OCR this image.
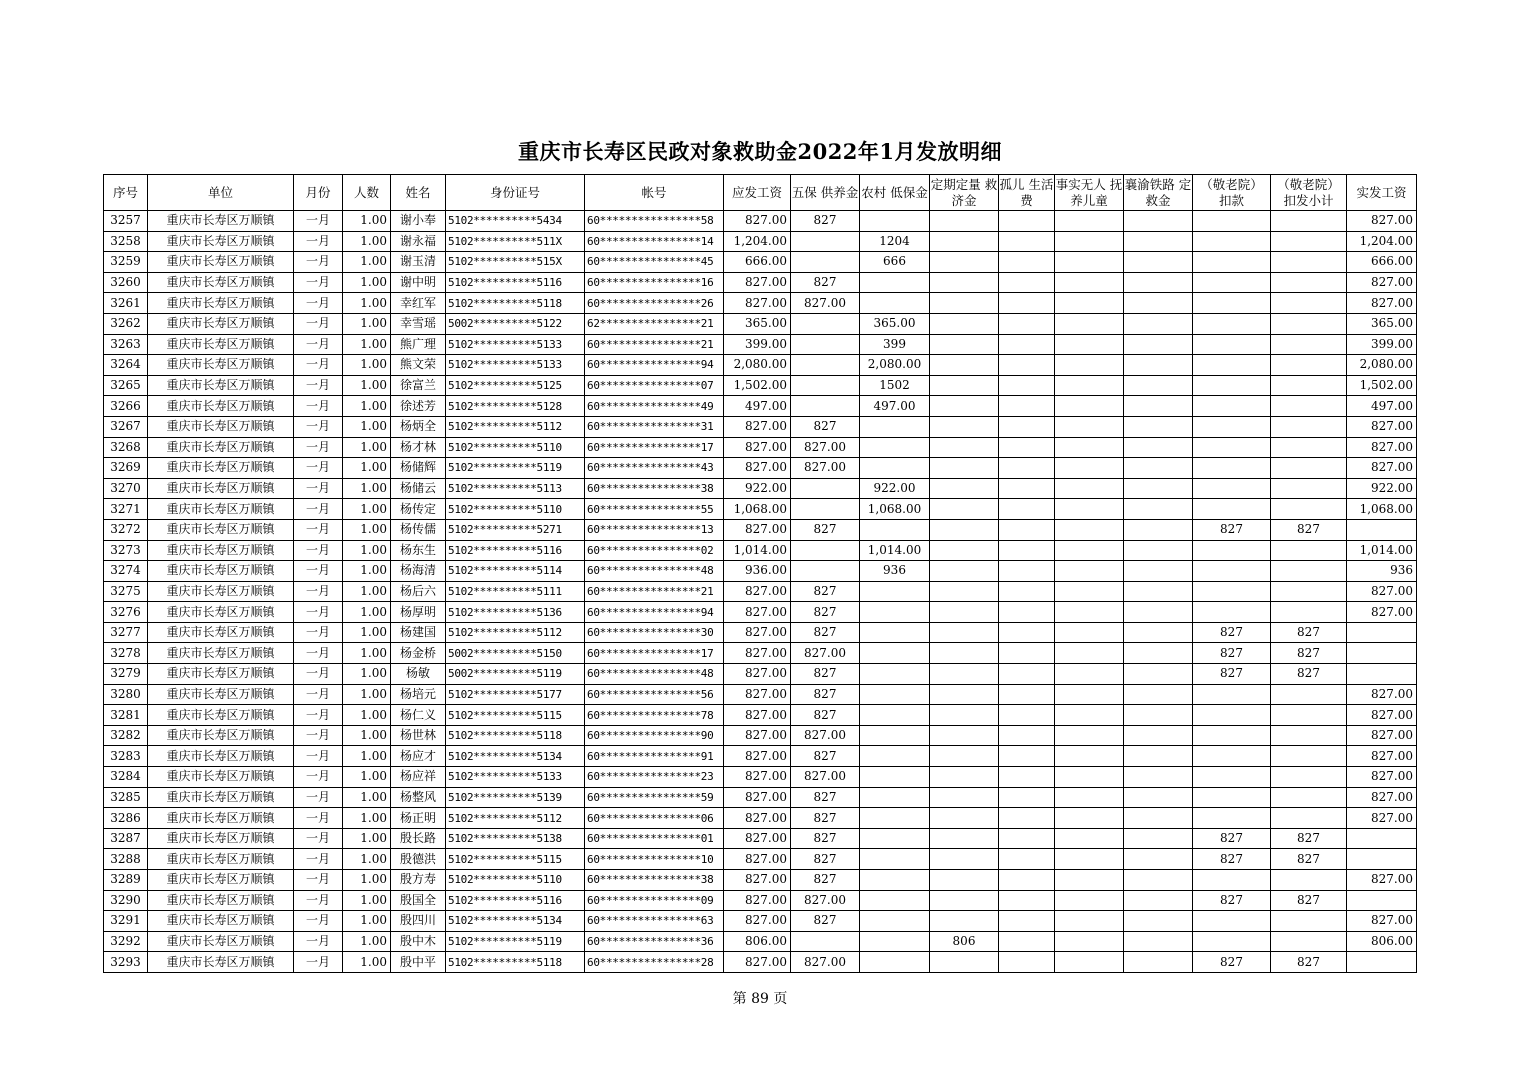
重庆市长寿区民政对象救助金2022年1月发放明细
序号	单位	月份	人数	姓名	身份证号	帐号	应发工资	五保 供养金	农村 低保金	定期定量 救济金	孤儿 生活费	事实无人 抚养儿童	襄渝铁路 定救金	（敬老院） 扣款	（敬老院） 扣发小计	实发工资
3257	重庆市长寿区万顺镇	一月	1.00	谢小奉	5102**********5434	60****************58	827.00	827								827.00
3258	重庆市长寿区万顺镇	一月	1.00	谢永福	5102**********511X	60****************14	1,204.00		1204							1,204.00
3259	重庆市长寿区万顺镇	一月	1.00	谢玉清	5102**********515X	60****************45	666.00		666							666.00
3260	重庆市长寿区万顺镇	一月	1.00	谢中明	5102**********5116	60****************16	827.00	827								827.00
3261	重庆市长寿区万顺镇	一月	1.00	幸红军	5102**********5118	60****************26	827.00	827.00								827.00
3262	重庆市长寿区万顺镇	一月	1.00	幸雪瑶	5002**********5122	62****************21	365.00		365.00							365.00
3263	重庆市长寿区万顺镇	一月	1.00	熊广理	5102**********5133	60****************21	399.00		399							399.00
3264	重庆市长寿区万顺镇	一月	1.00	熊文荣	5102**********5133	60****************94	2,080.00		2,080.00							2,080.00
3265	重庆市长寿区万顺镇	一月	1.00	徐富兰	5102**********5125	60****************07	1,502.00		1502							1,502.00
3266	重庆市长寿区万顺镇	一月	1.00	徐述芳	5102**********5128	60****************49	497.00		497.00							497.00
3267	重庆市长寿区万顺镇	一月	1.00	杨炳全	5102**********5112	60****************31	827.00	827								827.00
3268	重庆市长寿区万顺镇	一月	1.00	杨才林	5102**********5110	60****************17	827.00	827.00								827.00
3269	重庆市长寿区万顺镇	一月	1.00	杨储辉	5102**********5119	60****************43	827.00	827.00								827.00
3270	重庆市长寿区万顺镇	一月	1.00	杨储云	5102**********5113	60****************38	922.00		922.00							922.00
3271	重庆市长寿区万顺镇	一月	1.00	杨传定	5102**********5110	60****************55	1,068.00		1,068.00							1,068.00
3272	重庆市长寿区万顺镇	一月	1.00	杨传儒	5102**********5271	60****************13	827.00	827						827	827	
3273	重庆市长寿区万顺镇	一月	1.00	杨东生	5102**********5116	60****************02	1,014.00		1,014.00							1,014.00
3274	重庆市长寿区万顺镇	一月	1.00	杨海清	5102**********5114	60****************48	936.00		936							936
3275	重庆市长寿区万顺镇	一月	1.00	杨后六	5102**********5111	60****************21	827.00	827								827.00
3276	重庆市长寿区万顺镇	一月	1.00	杨厚明	5102**********5136	60****************94	827.00	827								827.00
3277	重庆市长寿区万顺镇	一月	1.00	杨建国	5102**********5112	60****************30	827.00	827						827	827	
3278	重庆市长寿区万顺镇	一月	1.00	杨金桥	5002**********5150	60****************17	827.00	827.00						827	827	
3279	重庆市长寿区万顺镇	一月	1.00	杨敏	5002**********5119	60****************48	827.00	827						827	827	
3280	重庆市长寿区万顺镇	一月	1.00	杨培元	5102**********5177	60****************56	827.00	827								827.00
3281	重庆市长寿区万顺镇	一月	1.00	杨仁义	5102**********5115	60****************78	827.00	827								827.00
3282	重庆市长寿区万顺镇	一月	1.00	杨世林	5102**********5118	60****************90	827.00	827.00								827.00
3283	重庆市长寿区万顺镇	一月	1.00	杨应才	5102**********5134	60****************91	827.00	827								827.00
3284	重庆市长寿区万顺镇	一月	1.00	杨应祥	5102**********5133	60****************23	827.00	827.00								827.00
3285	重庆市长寿区万顺镇	一月	1.00	杨整风	5102**********5139	60****************59	827.00	827								827.00
3286	重庆市长寿区万顺镇	一月	1.00	杨正明	5102**********5112	60****************06	827.00	827								827.00
3287	重庆市长寿区万顺镇	一月	1.00	殷长路	5102**********5138	60****************01	827.00	827						827	827	
3288	重庆市长寿区万顺镇	一月	1.00	殷德洪	5102**********5115	60****************10	827.00	827						827	827	
3289	重庆市长寿区万顺镇	一月	1.00	殷方寿	5102**********5110	60****************38	827.00	827								827.00
3290	重庆市长寿区万顺镇	一月	1.00	殷国全	5102**********5116	60****************09	827.00	827.00						827	827	
3291	重庆市长寿区万顺镇	一月	1.00	殷四川	5102**********5134	60****************63	827.00	827								827.00
3292	重庆市长寿区万顺镇	一月	1.00	殷中木	5102**********5119	60****************36	806.00			806						806.00
3293	重庆市长寿区万顺镇	一月	1.00	殷中平	5102**********5118	60****************28	827.00	827.00						827	827	
第 89 页
